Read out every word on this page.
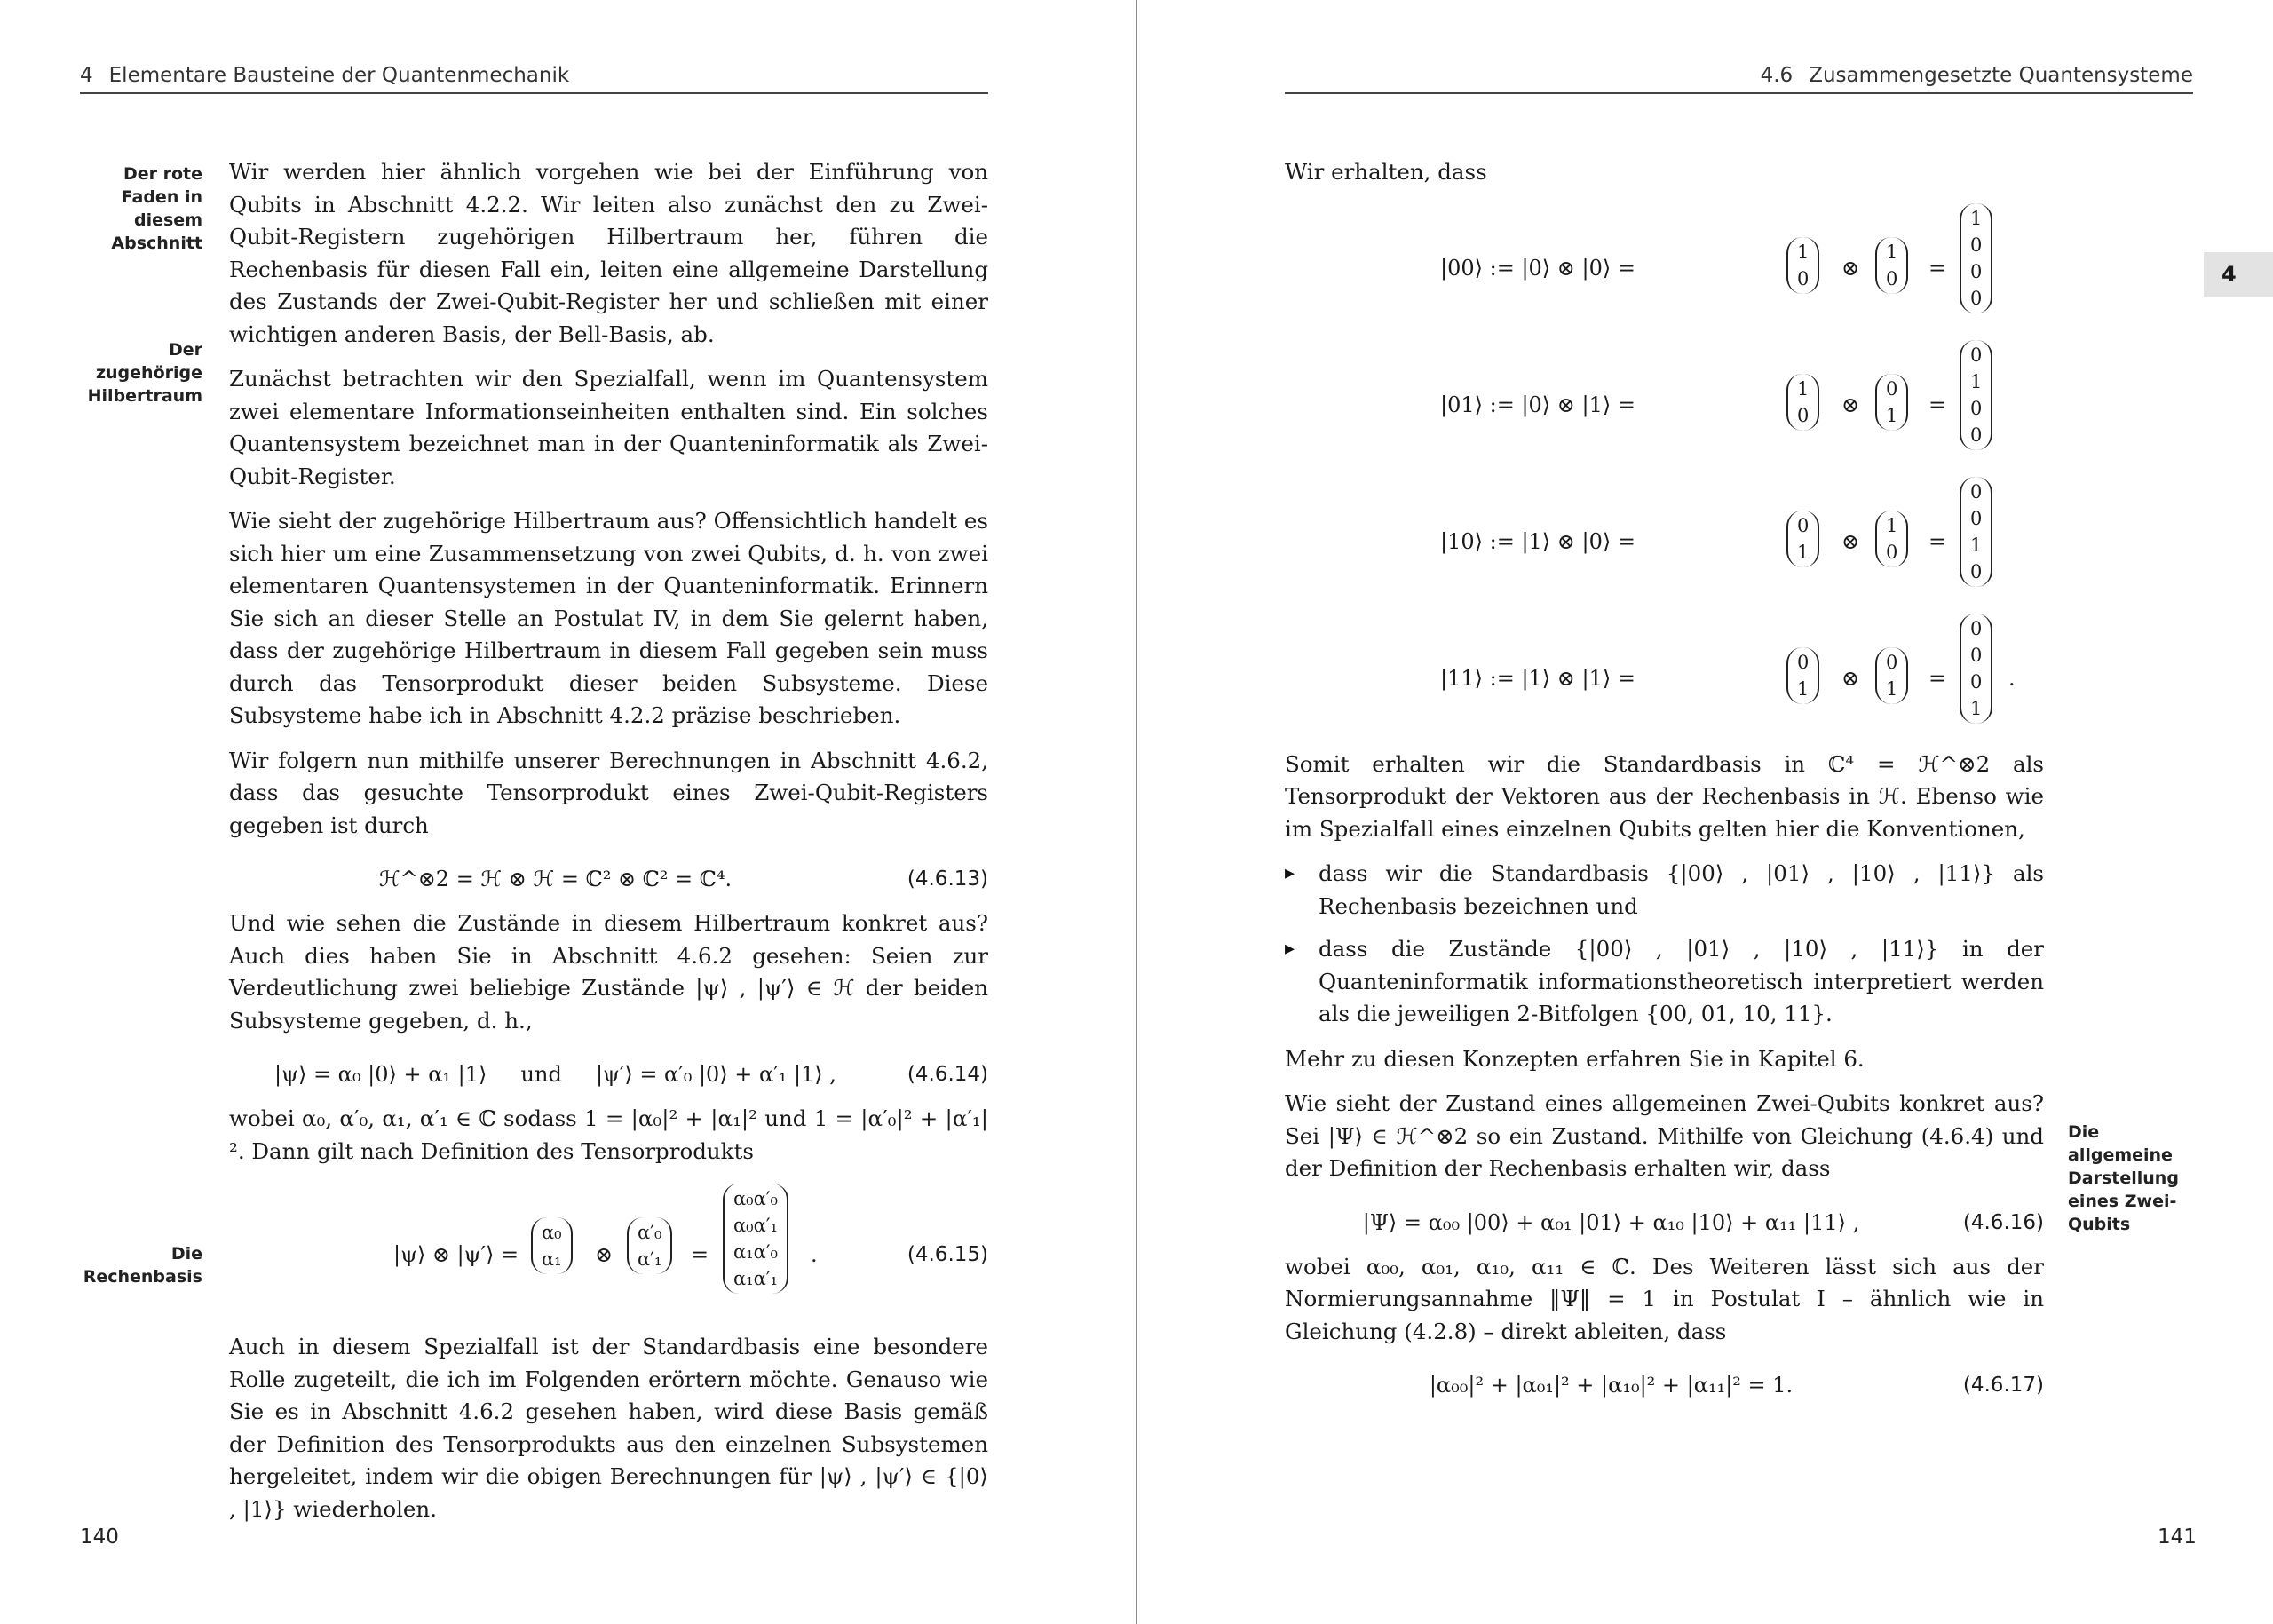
4 Elementare Bausteine der Quantenmechanik
Der rote Faden in diesem Abschnitt
Der zugehörige Hilbertraum
Die Rechenbasis

Wir werden hier ähnlich vorgehen wie bei der Einführung von Qubits in Abschnitt 4.2.2. Wir leiten also zunächst den zu Zwei-Qubit-Registern zugehörigen Hilbertraum her, führen die Rechenbasis für diesen Fall ein, leiten eine allgemeine Darstellung des Zustands der Zwei-Qubit-Register her und schließen mit einer wichtigen anderen Basis, der Bell-Basis, ab.

Zunächst betrachten wir den Spezialfall, wenn im Quantensystem zwei elementare Informationseinheiten enthalten sind. Ein solches Quantensystem bezeichnet man in der Quanteninformatik als Zwei-Qubit-Register.

Wie sieht der zugehörige Hilbertraum aus? Offensichtlich handelt es sich hier um eine Zusammensetzung von zwei Qubits, d. h. von zwei elementaren Quantensystemen in der Quanteninformatik. Erinnern Sie sich an dieser Stelle an Postulat IV, in dem Sie gelernt haben, dass der zugehörige Hilbertraum in diesem Fall gegeben sein muss durch das Tensorprodukt dieser beiden Subsysteme. Diese Subsysteme habe ich in Abschnitt 4.2.2 präzise beschrieben.

Wir folgern nun mithilfe unserer Berechnungen in Abschnitt 4.6.2, dass das gesuchte Tensorprodukt eines Zwei-Qubit-Registers gegeben ist durch

ℋ^⊗2 = ℋ ⊗ ℋ = ℂ² ⊗ ℂ² = ℂ⁴.	(4.6.13)

Und wie sehen die Zustände in diesem Hilbertraum konkret aus? Auch dies haben Sie in Abschnitt 4.6.2 gesehen: Seien zur Verdeutlichung zwei beliebige Zustände |ψ⟩ , |ψ′⟩ ∈ ℋ der beiden Subsysteme gegeben, d. h.,

|ψ⟩ = α₀ |0⟩ + α₁ |1⟩     und     |ψ′⟩ = α′₀ |0⟩ + α′₁ |1⟩ ,	(4.6.14)

wobei α₀, α′₀, α₁, α′₁ ∈ ℂ sodass 1 = |α₀|² + |α₁|² und 1 = |α′₀|² + |α′₁|². Dann gilt nach Definition des Tensorprodukts

|ψ⟩ ⊗ |ψ′⟩ =
α₀
α₁ ⊗
α′₀
α′₁ =
α₀α′₀
α₀α′₁
α₁α′₀
α₁α′₁
.	(4.6.15)

Auch in diesem Spezialfall ist der Standardbasis eine besondere Rolle zugeteilt, die ich im Folgenden erörtern möchte. Genauso wie Sie es in Abschnitt 4.6.2 gesehen haben, wird diese Basis gemäß der Definition des Tensorprodukts aus den einzelnen Subsystemen hergeleitet, indem wir die obigen Berechnungen für |ψ⟩ , |ψ′⟩ ∈ {|0⟩ , |1⟩} wiederholen.

140
4.6 Zusammengesetzte Quantensysteme
Die allgemeine Darstellung eines Zwei-Qubits

Wir erhalten, dass

|00⟩ := |0⟩ ⊗ |0⟩ =
1
0 ⊗
1
0 =
1
0
0
0
|01⟩ := |0⟩ ⊗ |1⟩ =
1
0 ⊗
0
1 =
0
1
0
0
|10⟩ := |1⟩ ⊗ |0⟩ =
0
1 ⊗
1
0 =
0
0
1
0
|11⟩ := |1⟩ ⊗ |1⟩ =
0
1 ⊗
0
1 =
0
0
0
1
.

Somit erhalten wir die Standardbasis in ℂ⁴ = ℋ^⊗2 als Tensorprodukt der Vektoren aus der Rechenbasis in ℋ. Ebenso wie im Spezialfall eines einzelnen Qubits gelten hier die Konventionen,

▸ dass wir die Standardbasis {|00⟩ , |01⟩ , |10⟩ , |11⟩} als Rechenbasis bezeichnen und
▸ dass die Zustände {|00⟩ , |01⟩ , |10⟩ , |11⟩} in der Quanteninformatik informationstheoretisch interpretiert werden als die jeweiligen 2-Bitfolgen {00, 01, 10, 11}.

Mehr zu diesen Konzepten erfahren Sie in Kapitel 6.

Wie sieht der Zustand eines allgemeinen Zwei-Qubits konkret aus? Sei |Ψ⟩ ∈ ℋ^⊗2 so ein Zustand. Mithilfe von Gleichung (4.6.4) und der Definition der Rechenbasis erhalten wir, dass

|Ψ⟩ = α₀₀ |00⟩ + α₀₁ |01⟩ + α₁₀ |10⟩ + α₁₁ |11⟩ ,	(4.6.16)

wobei α₀₀, α₀₁, α₁₀, α₁₁ ∈ ℂ. Des Weiteren lässt sich aus der Normierungsannahme ‖Ψ‖ = 1 in Postulat I – ähnlich wie in Gleichung (4.2.8) – direkt ableiten, dass

|α₀₀|² + |α₀₁|² + |α₁₀|² + |α₁₁|² = 1.	(4.6.17)
141
4
